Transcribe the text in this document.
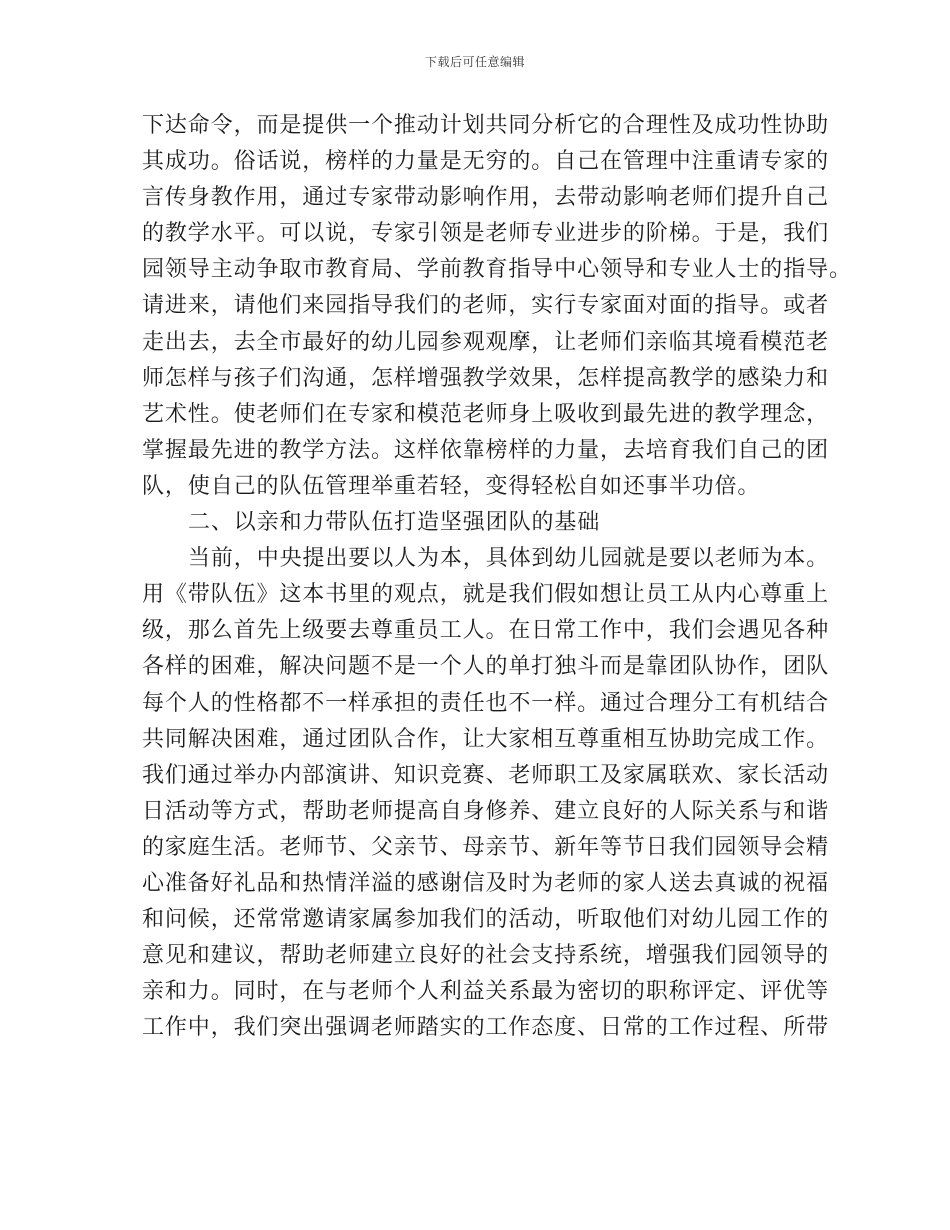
下载后可任意编辑
下达命令，而是提供一个推动计划共同分析它的合理性及成功性协助
其成功。俗话说，榜样的力量是无穷的。自己在管理中注重请专家的
言传身教作用，通过专家带动影响作用，去带动影响老师们提升自己
的教学水平。可以说，专家引领是老师专业进步的阶梯。于是，我们
园领导主动争取市教育局、学前教育指导中心领导和专业人士的指导。
请进来，请他们来园指导我们的老师，实行专家面对面的指导。或者
走出去，去全市最好的幼儿园参观观摩，让老师们亲临其境看模范老
师怎样与孩子们沟通，怎样增强教学效果，怎样提高教学的感染力和
艺术性。使老师们在专家和模范老师身上吸收到最先进的教学理念，
掌握最先进的教学方法。这样依靠榜样的力量，去培育我们自己的团
队，使自己的队伍管理举重若轻，变得轻松自如还事半功倍。
二、以亲和力带队伍打造坚强团队的基础
当前，中央提出要以人为本，具体到幼儿园就是要以老师为本。
用《带队伍》这本书里的观点，就是我们假如想让员工从内心尊重上
级，那么首先上级要去尊重员工人。在日常工作中，我们会遇见各种
各样的困难，解决问题不是一个人的单打独斗而是靠团队协作，团队
每个人的性格都不一样承担的责任也不一样。通过合理分工有机结合
共同解决困难，通过团队合作，让大家相互尊重相互协助完成工作。
我们通过举办内部演讲、知识竞赛、老师职工及家属联欢、家长活动
日活动等方式，帮助老师提高自身修养、建立良好的人际关系与和谐
的家庭生活。老师节、父亲节、母亲节、新年等节日我们园领导会精
心准备好礼品和热情洋溢的感谢信及时为老师的家人送去真诚的祝福
和问候，还常常邀请家属参加我们的活动，听取他们对幼儿园工作的
意见和建议，帮助老师建立良好的社会支持系统，增强我们园领导的
亲和力。同时，在与老师个人利益关系最为密切的职称评定、评优等
工作中，我们突出强调老师踏实的工作态度、日常的工作过程、所带
